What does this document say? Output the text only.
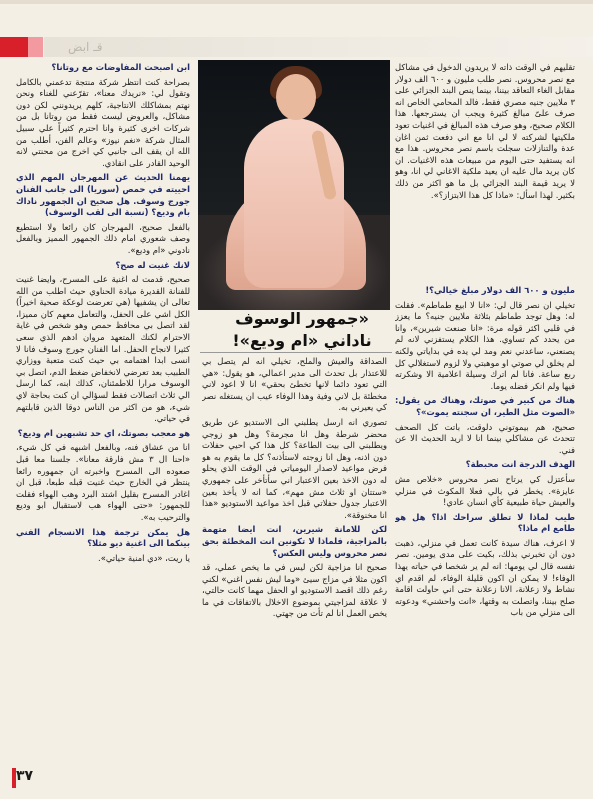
قـ ابض
«جمهور الوسوف
ناداني «ام وديع»!

ابن اصبحت المفاوضات مع روتانا؟

بصراحة كنت انتظر شركة منتجة تدعمني بالكامل وتقول لي: «نريدك معنا»، تقرّعني للغناء ونحن نهتم بمشاكلك الانتاجية، كلهم يريدونني لكن دون مشاكل، والعروض ليست فقط من روتانا بل من شركات اخرى كثيرة وانا احترم كثيراً علي سبيل المثال شركة «نغم نيوز» وعالم الفن، أطلب من الله ان يقف الى جانبي كي اخرج من محنتي لانه الوحيد القادر على انقاذي.

يهمنا الحديث عن المهرجان المهم الذي احييته في حمص (سوريا) الى جانب الفنان جورج وسوف. هل صحيح ان الجمهور ناداك بام وديع؟ (نسبة الى لقب الوسوف)

بالفعل صحيح، المهرجان كان رائعا ولا استطيع وصف شعوري امام ذلك الجمهور المميز وبالفعل نادوني «ام وديع».

لانك غنيت له صح؟

صحيح، قدمت له اغنية على المسرح، وايضا غنيت للفنانة القديرة ميادة الحناوي حيث اطلب من الله تعالى ان يشفيها (هي تعرضت لوعكة صحية اخيراً) الكل اشي على الحفل، والتعامل معهم كان مميزا، لقد اتصل بي محافظ حمص وهو شخص في غاية الاحترام لكنك المتعهد مروان ادهم الذي سعى كثيرا لانجاح الحفل. اما الفنان جورج وسوف فانا لا انسى ابدا اهتمامه بي حيث كنت متعبة ووزاري الطبيب بعد تعرضي لانخفاض ضغط الدم، اتصل بي الوسوف مرارا للاطمئنان، كذلك ابنه، كما ارسل الي ثلاث اتصالات فقط لسؤالي ان كنت بحاجة لاي شيء، هو من اكثر من الناس دوقا الذين قابلتهم في حياتي.

هو معجب بصوتك، اي حد تشبهين ام وديع؟

انا من عشاق فنه، وبالفعل اشبهه في كل شيء، «احنا ال ٣ مش فارقة معانا». جلسنا معا قبل صعوده الى المسرح واخبرته ان جمهوره رائعا ينتظر في الخارج حيث غنيت قبله طبعا، قبل ان اغادر المسرح بقليل اشتد البرد وهب الهواء فقلت للجمهور: «حتى الهواء هب لاستقبال ابو وديع والترحيب به».

هل يمكن ترجمة هذا الانسجام الفني بينكما الى اغنية ديو مثلا؟

يا ريت، «دي امنية حياتي».

تقليهم في الوقت ذاته لا يريدون الدخول في مشاكل مع نصر محروس. نصر طلب مليون و ٦٠٠ الف دولار مقابل الغاء التعاقد بيننا، بينما ينص البند الجزائي على ٣ ملايين جنيه مصري فقط، فالد المحامي الخاص انه صرف علىّ مبالغ كثيرة ويجب ان يسترجعها. هذا الكلام صحيح، وهو صرف هذه المبالغ في اغنيات تعود ملكيتها لشركته لا لي انا مع اني دفعت ثمن اغان عدة والتنازلات سجلت باسم نصر محروس. هذا مع انه يستفيد حتى اليوم من مبيعات هذه الاغنيات. ان كان يريد مال عليه ان يعيد ملكية الاغاني لي انا، وهو لا يريد قيمة البند الجزائي بل ما هو اكثر من ذلك بكثير. لهذا اسأل: «ماذا كل هذا الابتزاز؟».

مليون و ٦٠٠ الف دولار مبلغ خيالي؟!

تخيلي ان نصر قال لي: «انا لا ابيع طماطم». فقلت له: وهل توجد طماطم بثلاثة ملايين جنيه؟ ما يعزز في قلبي اكثر قوله مرة: «انا صنعت شيرين»، وانا من يحدد كم تساوي. هذا الكلام يستفزني لانه لم يصنعني، ساعدني نعم ومد لي يده في بداياتي ولكنه لم يخلق لي صوتي او موهبتي ولا لزوم لاستغلالي كل ربع ساعة. فانا لم اترك وسيلة اعلامية الا وشكرته فيها ولم انكر فضله يوما.

هناك من كبير في صوتك، وهناك من يقول: «الصوت مثل الطير، ان سجنته يموت»؟

صحيح، هم بيموتوني دلوقت، باتت كل الصحف تتحدث عن مشاكلي بينما انا لا اريد الحديث الا عن فني.

الهدف الدرجة انت محبطة؟

سأعتزل كي يرتاح نصر محروس «خلاص مش عايزة». يخطر في بالي فعلا المكوث في منزلي والعيش حياة طبيعية كأي انسان عادي!

طيب لماذا لا تطلق سراحك اذا؟ هل هو طامع ام ماذا؟

لا اعرف، هناك سيدة كانت تعمل في منزلي، ذهبت دون ان تخبرني بذلك، بكيت على مدى يومين. نصر نفسه قال لي يومها: انه لم ير شخصا في حياته يهذا الوفاء! لا يمكن ان اكون قليلة الوفاء، لم اقدم اي نشاط ولا زعلانة، الانا زعلانة حتى اني حاولت اقامة صلح بيننا، واتصلت به وقتها، «انت واحشني» ودعوته الى منزلي من باب

الصداقة والعيش والملح، تخيلي انه لم يتصل بي للاعتذار بل تحدث الى مدير اعمالي، هو يقول: «هي التي تعود دائما لانها تخطئ بحقي» انا لا اعود لاني مخطئة بل لاني وفية وهذا الوفاء عيب ان يستغله نصر كي يعيرني به.

تصوري انه ارسل يطلبني الى الاستديو عن طريق محضر شرطة وهل انا مجرمة؟ وهل هو زوجي ويطلبني الى بيت الطاعة؟ كل هذا كي احيي حفلات دون اذنه، وهل انا زوجته لاستأذنه؟ كل ما يقوم به هو فرض مواعيد لاصدار اليومياتي في الوقت الذي يحلو له دون الاخذ بعين الاعتبار اني سأتأخر على جمهوري «ستتان او ثلاث مش مهم»، كما انه لا يأخذ بعين الاعتبار جدول حفلاتي قبل اخذ مواعيد الاستوديو «هذا انا مخنوقة».

لكن للامانة شيرين، انت ايضا متهمة بالمزاجية، فلماذا لا تكونين انت المخطئة بحق نصر محروس وليس العكس؟

صحيح انا مزاجية لكن ليس في ما يخص عملي، قد اكون مثلا في مزاج سيئ «وما ليش نفس اغني» لكني رغم ذلك اقصد الاستوديو او الحفل مهما كانت حالتي، لا علاقة لمزاجيتي بموضوع الاخلال بالاتفاقات في ما يخص العمل انا لم تأت من جهتي.

٣٧
